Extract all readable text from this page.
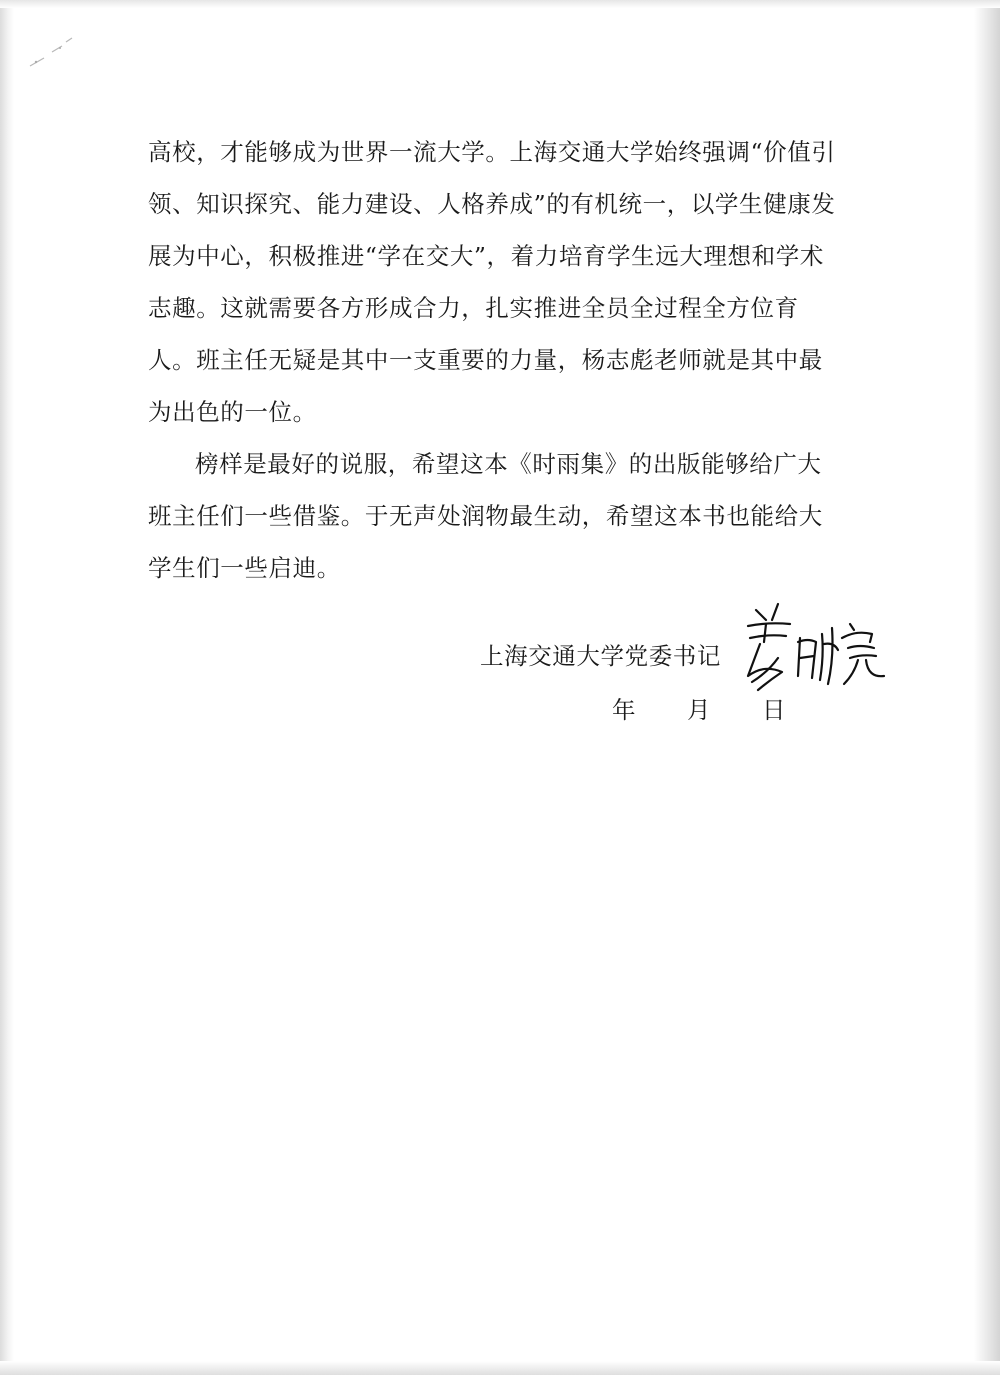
高校，才能够成为世界一流大学。上海交通大学始终强调“价值引领、知识探究、能力建设、人格养成”的有机统一，以学生健康发展为中心，积极推进“学在交大”，着力培育学生远大理想和学术志趣。这就需要各方形成合力，扎实推进全员全过程全方位育人。班主任无疑是其中一支重要的力量，杨志彪老师就是其中最为出色的一位。

榜样是最好的说服，希望这本《时雨集》的出版能够给广大班主任们一些借鉴。于无声处润物最生动，希望这本书也能给大学生们一些启迪。

上海交通大学党委书记
年 月 日
